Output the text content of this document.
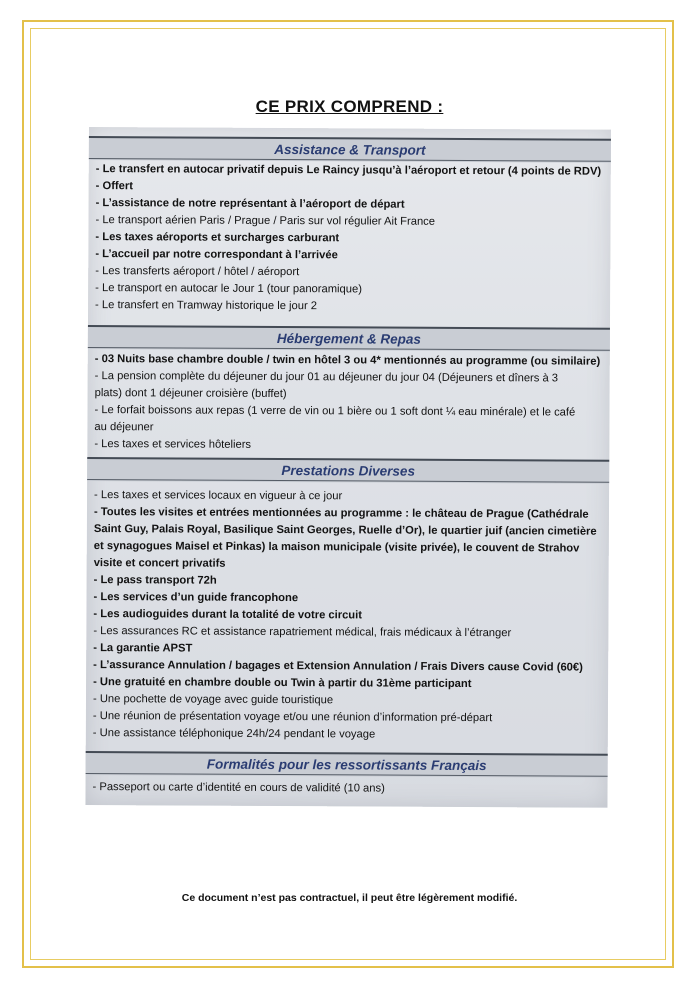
CE PRIX COMPREND :
Assistance & Transport
- Le transfert en autocar privatif depuis Le Raincy jusqu’à l’aéroport et retour (4 points de RDV)
- Offert
- L’assistance de notre représentant à l’aéroport de départ
- Le transport aérien Paris / Prague / Paris sur vol régulier Ait France
- Les taxes aéroports et surcharges carburant
- L’accueil par notre correspondant à l’arrivée
- Les transferts aéroport / hôtel / aéroport
- Le transport en autocar le Jour 1 (tour panoramique)
- Le transfert en Tramway historique le jour 2
Hébergement & Repas
- 03 Nuits base chambre double / twin en hôtel 3 ou 4* mentionnés au programme (ou similaire)
- La pension complète du déjeuner du jour 01 au déjeuner du jour 04 (Déjeuners et dîners à 3
plats) dont 1 déjeuner croisière (buffet)
- Le forfait boissons aux repas (1 verre de vin ou 1 bière ou 1 soft dont ¼ eau minérale) et le café
au déjeuner
- Les taxes et services hôteliers
Prestations Diverses
- Les taxes et services locaux en vigueur à ce jour
- Toutes les visites et entrées mentionnées au programme : le château de Prague (Cathédrale
Saint Guy, Palais Royal, Basilique Saint Georges, Ruelle d’Or), le quartier juif (ancien cimetière
et synagogues Maisel et Pinkas) la maison municipale (visite privée), le couvent de Strahov
visite et concert privatifs
- Le pass transport 72h
- Les services d’un guide francophone
- Les audioguides durant la totalité de votre circuit
- Les assurances RC et assistance rapatriement médical, frais médicaux à l’étranger
- La garantie APST
- L’assurance Annulation / bagages et Extension Annulation / Frais Divers cause Covid (60€)
- Une gratuité en chambre double ou Twin à partir du 31ème participant
- Une pochette de voyage avec guide touristique
- Une réunion de présentation voyage et/ou une réunion d’information pré-départ
- Une assistance téléphonique 24h/24 pendant le voyage
Formalités pour les ressortissants Français
- Passeport ou carte d’identité en cours de validité (10 ans)
Ce document n’est pas contractuel, il peut être légèrement modifié.
